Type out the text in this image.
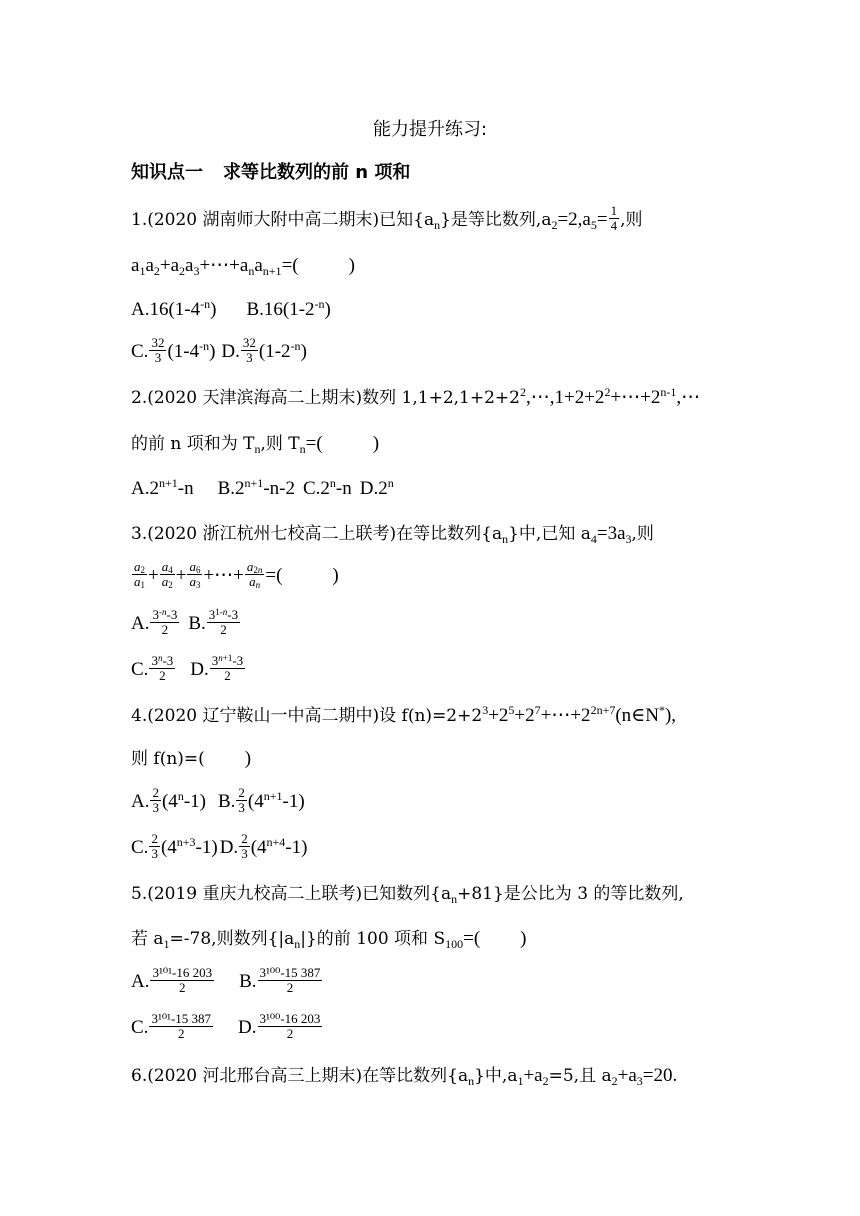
能力提升练习:
知识点一 求等比数列的前 n 项和
1.(2020 湖南师大附中高二期末)已知$\{a_n\}$是等比数列$,a_2=2,a_5= \frac{1}{4}$ ,则
$a_1a_2+a_2a_3+\cdots+a_na_{n+1}=$(	)
$A.16(1-4^{-n})$ $B.16(1-2^{-n})$
C. $\frac{32}{3} (1-4^{-n})$ D. $\frac{32}{3} (1-2^{-n})$
2.(2020 天津滨海高二上期末)数列 $1,1+2,1+2+2^2,\cdots,1+2+2^2+\cdots+2^{n-1},\cdots$
的前 n 项和为 $T_n$,则 $T_n=$(	)
$A.2^{n+1}-n$ $B.2^{n+1}-n-2$ C.2$^n$-n D.2$^n$
3.(2020 浙江杭州七校高二上联考)在等比数列$\{a_n\}$中,已知 $a_4=3a_3$,则
$\frac{a_2}{a_1} + \frac{a_4}{a_2} + \frac{a_6}{a_3}$ +⋯+ $\frac{a_{2n}}{a_n}$ =(	)
A. $\frac{3^{-n}-3}{2} B$. $\frac{3^{1-n}-3}{2}$
C. $\frac{3^n-3}{2} D$. $\frac{3^{n+1}-3}{2}$
4.(2020 辽宁鞍山一中高二期中)设 $f(n)=2+2^3+2^5+2^7+\cdots+2^{2n+7}(n\in N^*)$,
则 f(n)=( )
A. $\frac{2}{3} (4^n-1)$ B. $\frac{2}{3} (4^{n+1}-1)$
C. $\frac{2}{3} (4^{n+3}-1)$ D. $\frac{2}{3} (4^{n+4}-1)$
5.(2019 重庆九校高二上联考)已知数列$\{a_n+81\}$是公比为 3 的等比数列,
若 $a_1=-78$,则数列$\{|a_n|\}$的前 100 项和 $S_{100}=$( )
A. $\frac{\text{3¹⁰¹-16 203}}{2} B$. $\frac{\text{3¹⁰⁰-15 387}}{2}$
C. $\frac{\text{3¹⁰¹-15 387}}{2} D$. $\frac{\text{3¹⁰⁰-16 203}}{2}$
6.(2020 河北邢台高三上期末)在等比数列$\{a_n\}$中$,a_1+a_2=5$,且 $a_2+a_3=20$.
